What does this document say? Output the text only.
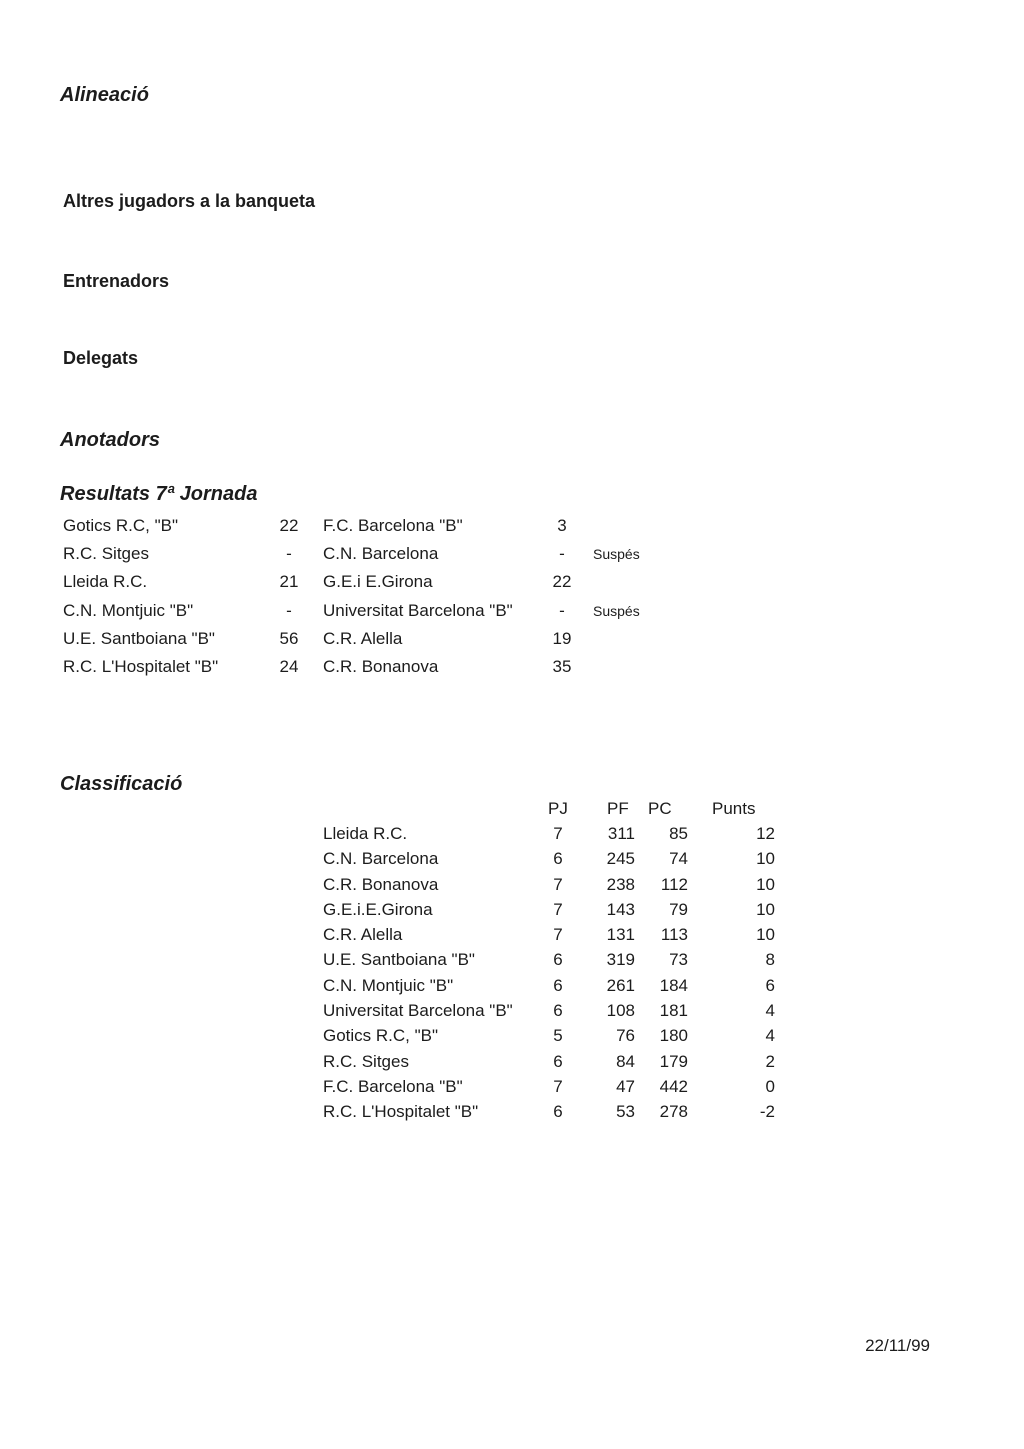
Alineació
Altres jugadors a la banqueta
Entrenadors
Delegats
Anotadors
Resultats 7ª Jornada
Gotics R.C, "B"	22	F.C. Barcelona "B"	3
R.C. Sitges	-	C.N. Barcelona	-	Suspés
Lleida R.C.	21	G.E.i E.Girona	22
C.N. Montjuic "B"	-	Universitat Barcelona "B"	-	Suspés
U.E. Santboiana "B"	56	C.R. Alella	19
R.C. L'Hospitalet "B"	24	C.R. Bonanova	35
Classificació
PJ PF PC Punts
Lleida R.C.	7	311	85	12
C.N. Barcelona	6	245	74	10
C.R. Bonanova	7	238	112	10
G.E.i.E.Girona	7	143	79	10
C.R. Alella	7	131	113	10
U.E. Santboiana "B"	6	319	73	8
C.N. Montjuic "B"	6	261	184	6
Universitat Barcelona "B"	6	108	181	4
Gotics R.C, "B"	5	76	180	4
R.C. Sitges	6	84	179	2
F.C. Barcelona "B"	7	47	442	0
R.C. L'Hospitalet "B"	6	53	278	-2
22/11/99
